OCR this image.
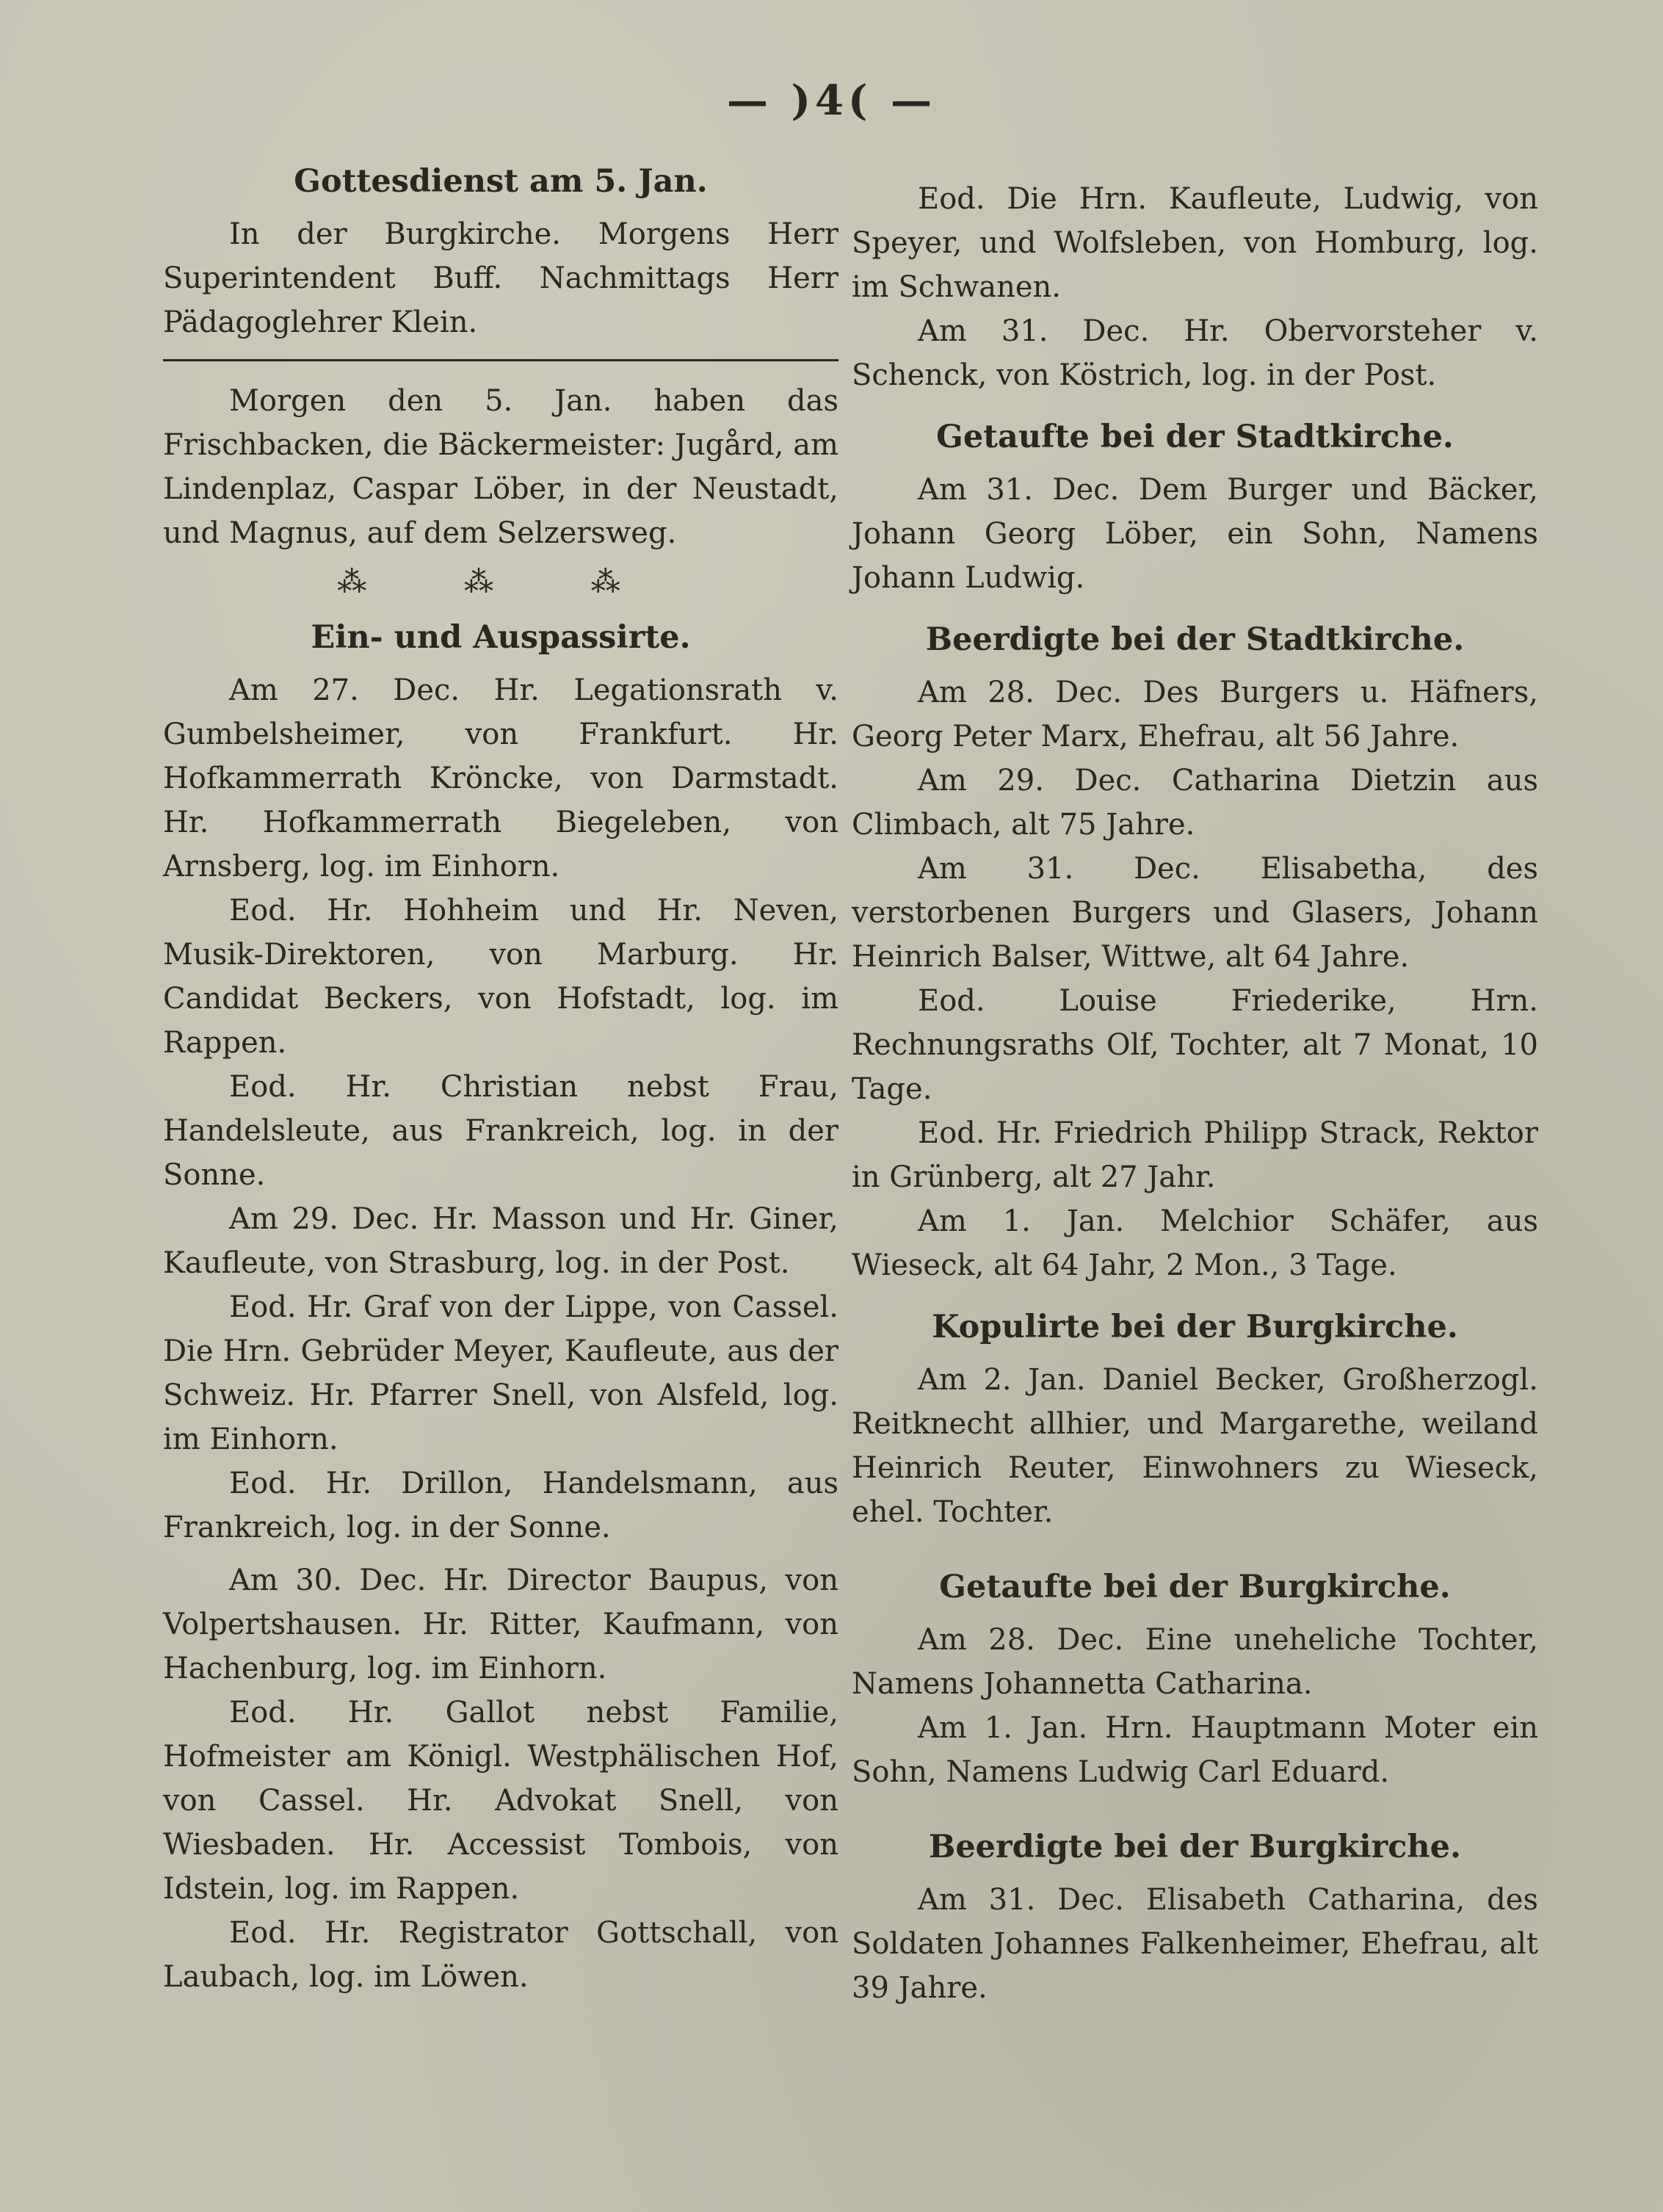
— )4( —
Gottesdienst am 5. Jan.

In der Burgkirche. Morgens Herr Superintendent Buff. Nachmittags Herr Pädagoglehrer Klein.

Morgen den 5. Jan. haben das Frischbacken, die Bäckermeister: Jugård, am Lindenplaz, Caspar Löber, in der Neustadt, und Magnus, auf dem Selzersweg.

⁂ ⁂ ⁂
Ein- und Auspassirte.

Am 27. Dec. Hr. Legationsrath v. Gumbelsheimer, von Frankfurt. Hr. Hofkammerrath Kröncke, von Darmstadt. Hr. Hofkammerrath Biegeleben, von Arnsberg, log. im Einhorn.

Eod. Hr. Hohheim und Hr. Neven, Musik-Direktoren, von Marburg. Hr. Candidat Beckers, von Hofstadt, log. im Rappen.

Eod. Hr. Christian nebst Frau, Handelsleute, aus Frankreich, log. in der Sonne.

Am 29. Dec. Hr. Masson und Hr. Giner, Kaufleute, von Strasburg, log. in der Post.

Eod. Hr. Graf von der Lippe, von Cassel. Die Hrn. Gebrüder Meyer, Kaufleute, aus der Schweiz. Hr. Pfarrer Snell, von Alsfeld, log. im Einhorn.

Eod. Hr. Drillon, Handelsmann, aus Frankreich, log. in der Sonne.

Am 30. Dec. Hr. Director Baupus, von Volpertshausen. Hr. Ritter, Kaufmann, von Hachenburg, log. im Einhorn.

Eod. Hr. Gallot nebst Familie, Hofmeister am Königl. Westphälischen Hof, von Cassel. Hr. Advokat Snell, von Wiesbaden. Hr. Accessist Tombois, von Idstein, log. im Rappen.

Eod. Hr. Registrator Gottschall, von Laubach, log. im Löwen.

Eod. Die Hrn. Kaufleute, Ludwig, von Speyer, und Wolfsleben, von Homburg, log. im Schwanen.

Am 31. Dec. Hr. Obervorsteher v. Schenck, von Köstrich, log. in der Post.

Getaufte bei der Stadtkirche.

Am 31. Dec. Dem Burger und Bäcker, Johann Georg Löber, ein Sohn, Namens Johann Ludwig.

Beerdigte bei der Stadtkirche.

Am 28. Dec. Des Burgers u. Häfners, Georg Peter Marx, Ehefrau, alt 56 Jahre.

Am 29. Dec. Catharina Dietzin aus Climbach, alt 75 Jahre.

Am 31. Dec. Elisabetha, des verstorbenen Burgers und Glasers, Johann Heinrich Balser, Wittwe, alt 64 Jahre.

Eod. Louise Friederike, Hrn. Rechnungsraths Olf, Tochter, alt 7 Monat, 10 Tage.

Eod. Hr. Friedrich Philipp Strack, Rektor in Grünberg, alt 27 Jahr.

Am 1. Jan. Melchior Schäfer, aus Wieseck, alt 64 Jahr, 2 Mon., 3 Tage.

Kopulirte bei der Burgkirche.

Am 2. Jan. Daniel Becker, Großherzogl. Reitknecht allhier, und Margarethe, weiland Heinrich Reuter, Einwohners zu Wieseck, ehel. Tochter.

Getaufte bei der Burgkirche.

Am 28. Dec. Eine uneheliche Tochter, Namens Johannetta Catharina.

Am 1. Jan. Hrn. Hauptmann Moter ein Sohn, Namens Ludwig Carl Eduard.

Beerdigte bei der Burgkirche.

Am 31. Dec. Elisabeth Catharina, des Soldaten Johannes Falkenheimer, Ehefrau, alt 39 Jahre.
